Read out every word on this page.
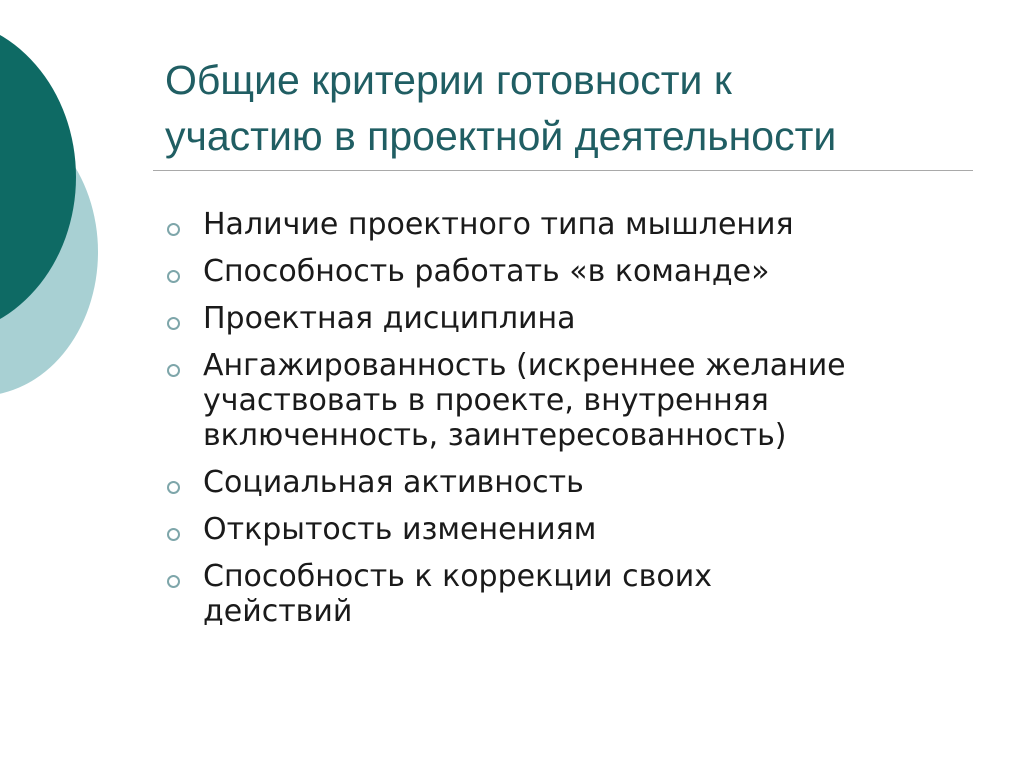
Общие критерии готовности к
участию в проектной деятельности
Наличие проектного типа мышления
Способность работать «в команде»
Проектная дисциплина
Ангажированность (искреннее желание
участвовать в проекте, внутренняя
включенность, заинтересованность)
Социальная активность
Открытость изменениям
Способность к коррекции своих
действий
